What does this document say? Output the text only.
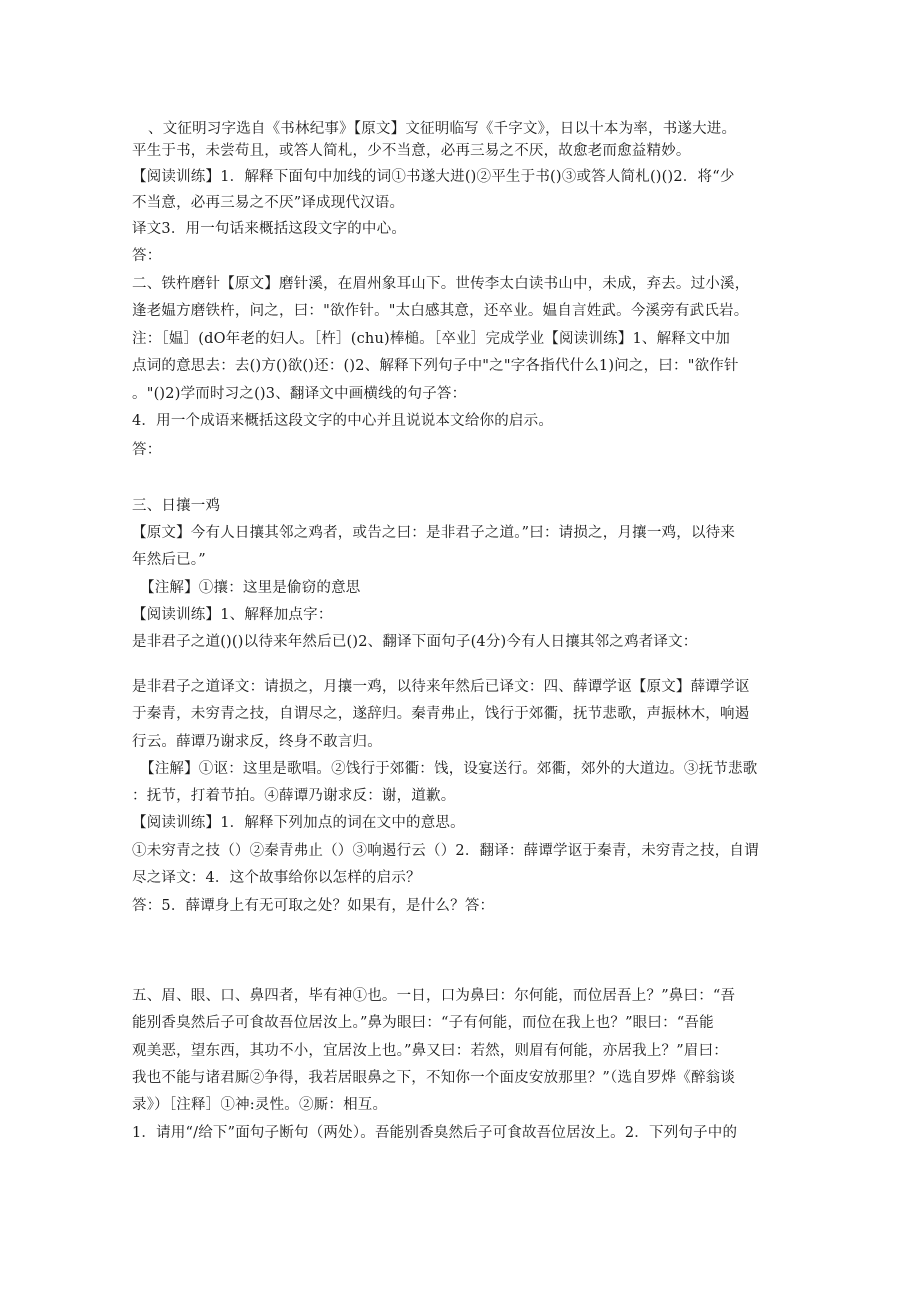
、文征明习字选自《书林纪事》【原文】文征明临写《千字文》，日以十本为率，书遂大进。
平生于书，未尝苟且，或答人简札，少不当意，必再三易之不厌，故愈老而愈益精妙。
【阅读训练】1．解释下面句中加线的词①书遂大进()②平生于书()③或答人简札()()2．将“少
不当意，必再三易之不厌”译成现代汉语。
译文3．用一句话来概括这段文字的中心。
答：
二、铁杵磨针【原文】磨针溪，在眉州象耳山下。世传李太白读书山中，未成，弃去。过小溪，
逢老媪方磨铁杵，问之，曰："欲作针。"太白感其意，还卒业。媪自言姓武。今溪旁有武氏岩。
注：［媪］(dO年老的妇人。［杵］(chu)棒槌。［卒业］完成学业【阅读训练】1、解释文中加
点词的意思去：去()方()欲()还：()2、解释下列句子中"之"字各指代什么1)问之，曰："欲作针
。"()2)学而时习之()3、翻译文中画横线的句子答：
4．用一个成语来概括这段文字的中心并且说说本文给你的启示。
答：
三、日攘一鸡
【原文】今有人日攘其邻之鸡者，或告之曰：是非君子之道。”曰：请损之，月攘一鸡，以待来
年然后已。”
【注解】①攘：这里是偷窃的意思
【阅读训练】1、解释加点字：
是非君子之道()()以待来年然后已()2、翻译下面句子(4分)今有人日攘其邻之鸡者译文：
是非君子之道译文：请损之，月攘一鸡，以待来年然后已译文：四、薛谭学讴【原文】薛谭学讴
于秦青，未穷青之技，自谓尽之，遂辞归。秦青弗止，饯行于郊衢，抚节悲歌，声振林木，响遏
行云。薛谭乃谢求反，终身不敢言归。
【注解】①讴：这里是歌唱。②饯行于郊衢：饯，设宴送行。郊衢，郊外的大道边。③抚节悲歌
：抚节，打着节拍。④薛谭乃谢求反：谢，道歉。
【阅读训练】1．解释下列加点的词在文中的意思。
①未穷青之技（）②秦青弗止（）③响遏行云（）2．翻译：薛谭学讴于秦青，未穷青之技，自谓
尽之译文：4．这个故事给你以怎样的启示？
答：5．薛谭身上有无可取之处？如果有，是什么？答：
五、眉、眼、口、鼻四者，毕有神①也。一日，口为鼻曰：尔何能，而位居吾上？”鼻曰：“吾
能别香臭然后子可食故吾位居汝上。”鼻为眼曰：“子有何能，而位在我上也？”眼曰：“吾能
观美恶，望东西，其功不小，宜居汝上也。”鼻又曰：若然，则眉有何能，亦居我上？”眉曰：
我也不能与诸君厮②争得，我若居眼鼻之下，不知你一个面皮安放那里？”（选自罗烨《醉翁谈
录》）［注释］①神:灵性。②厮：相互。
1．请用“/给下”面句子断句（两处）。吾能别香臭然后子可食故吾位居汝上。2．下列句子中的
